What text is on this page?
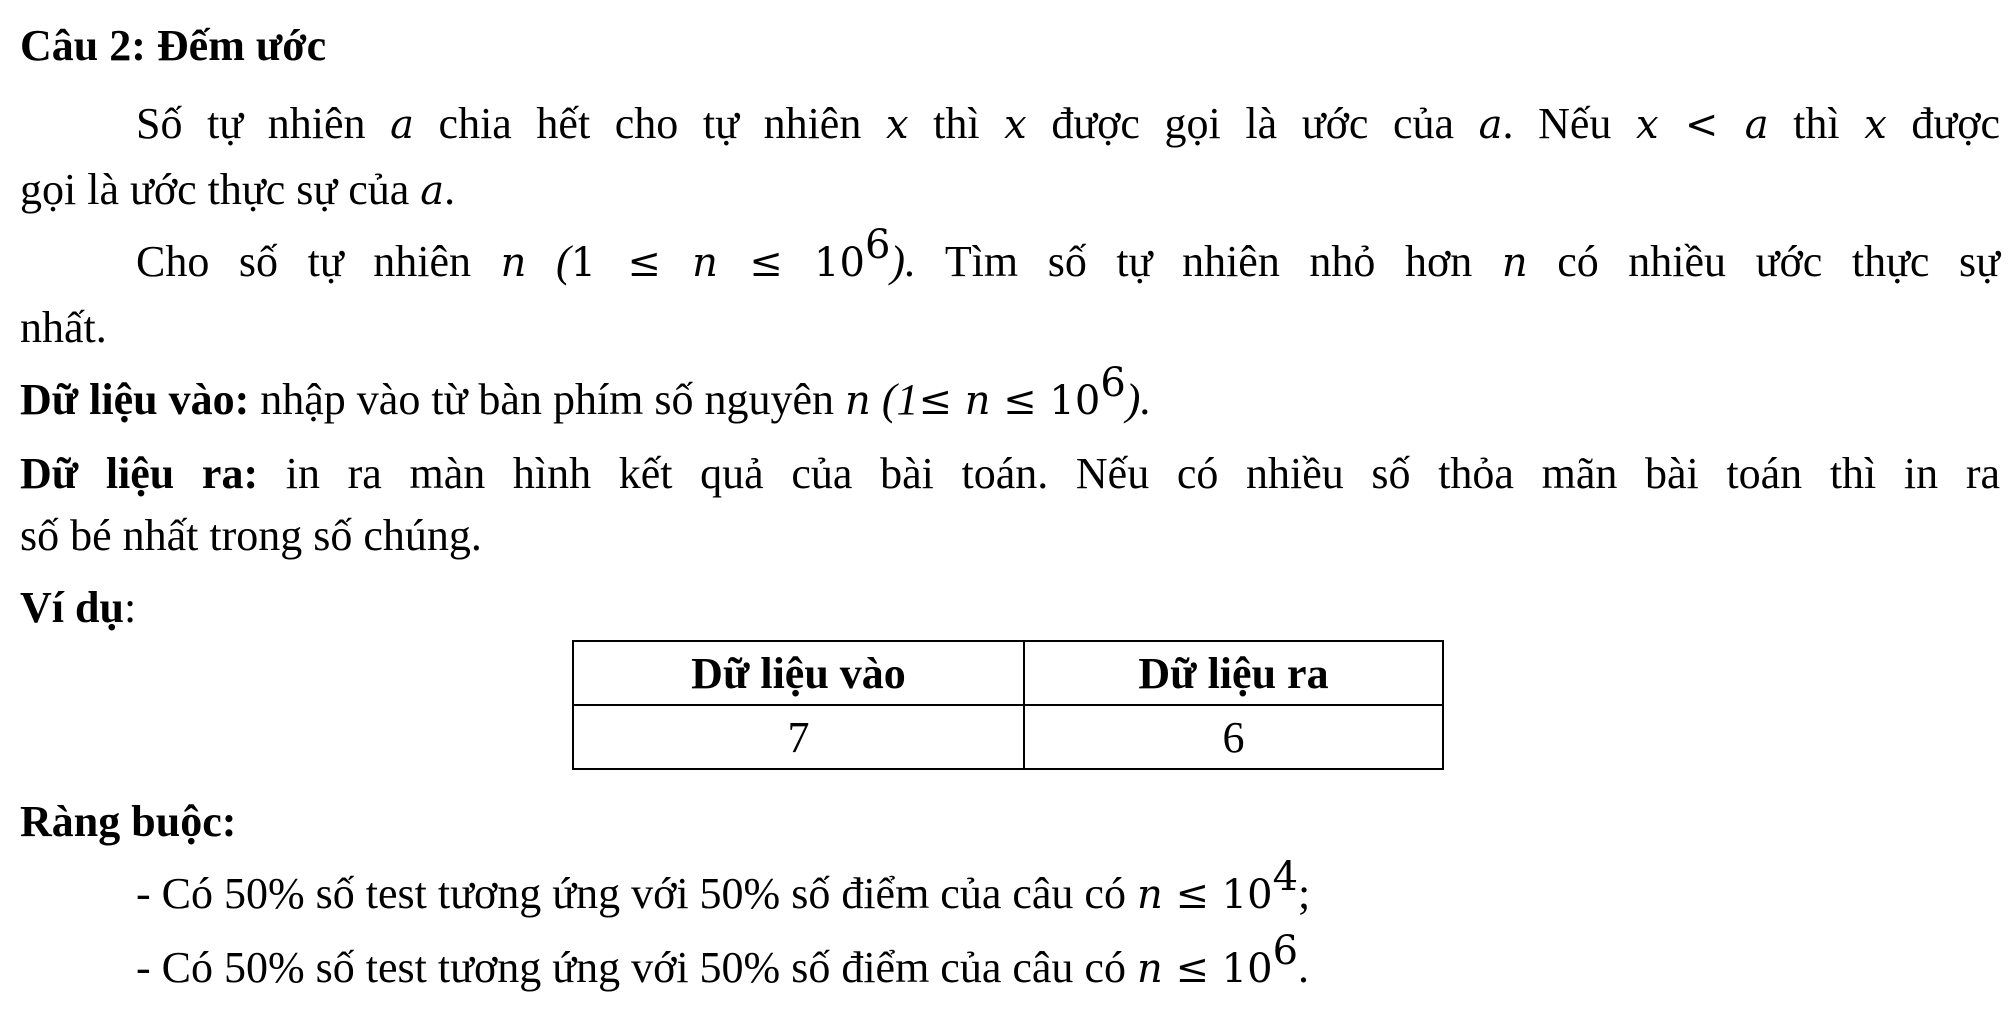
Câu 2: Đếm ước
Số tự nhiên a chia hết cho tự nhiên x thì x được gọi là ước của a. Nếu x < a thì x được
gọi là ước thực sự của a.
Cho số tự nhiên n $(1 \le n \le 10^6)$. Tìm số tự nhiên nhỏ hơn n có nhiều ước thực sự
nhất.
Dữ liệu vào: nhập vào từ bàn phím số nguyên n $(1\le n \le 10^6)$.
Dữ liệu ra: in ra màn hình kết quả của bài toán. Nếu có nhiều số thỏa mãn bài toán thì in ra
số bé nhất trong số chúng.
Ví dụ:
Dữ liệu vào	Dữ liệu ra
7	6
Ràng buộc:
- Có 50% số test tương ứng với 50% số điểm của câu có $n \le 10^4$;
- Có 50% số test tương ứng với 50% số điểm của câu có $n \le 10^6$.
